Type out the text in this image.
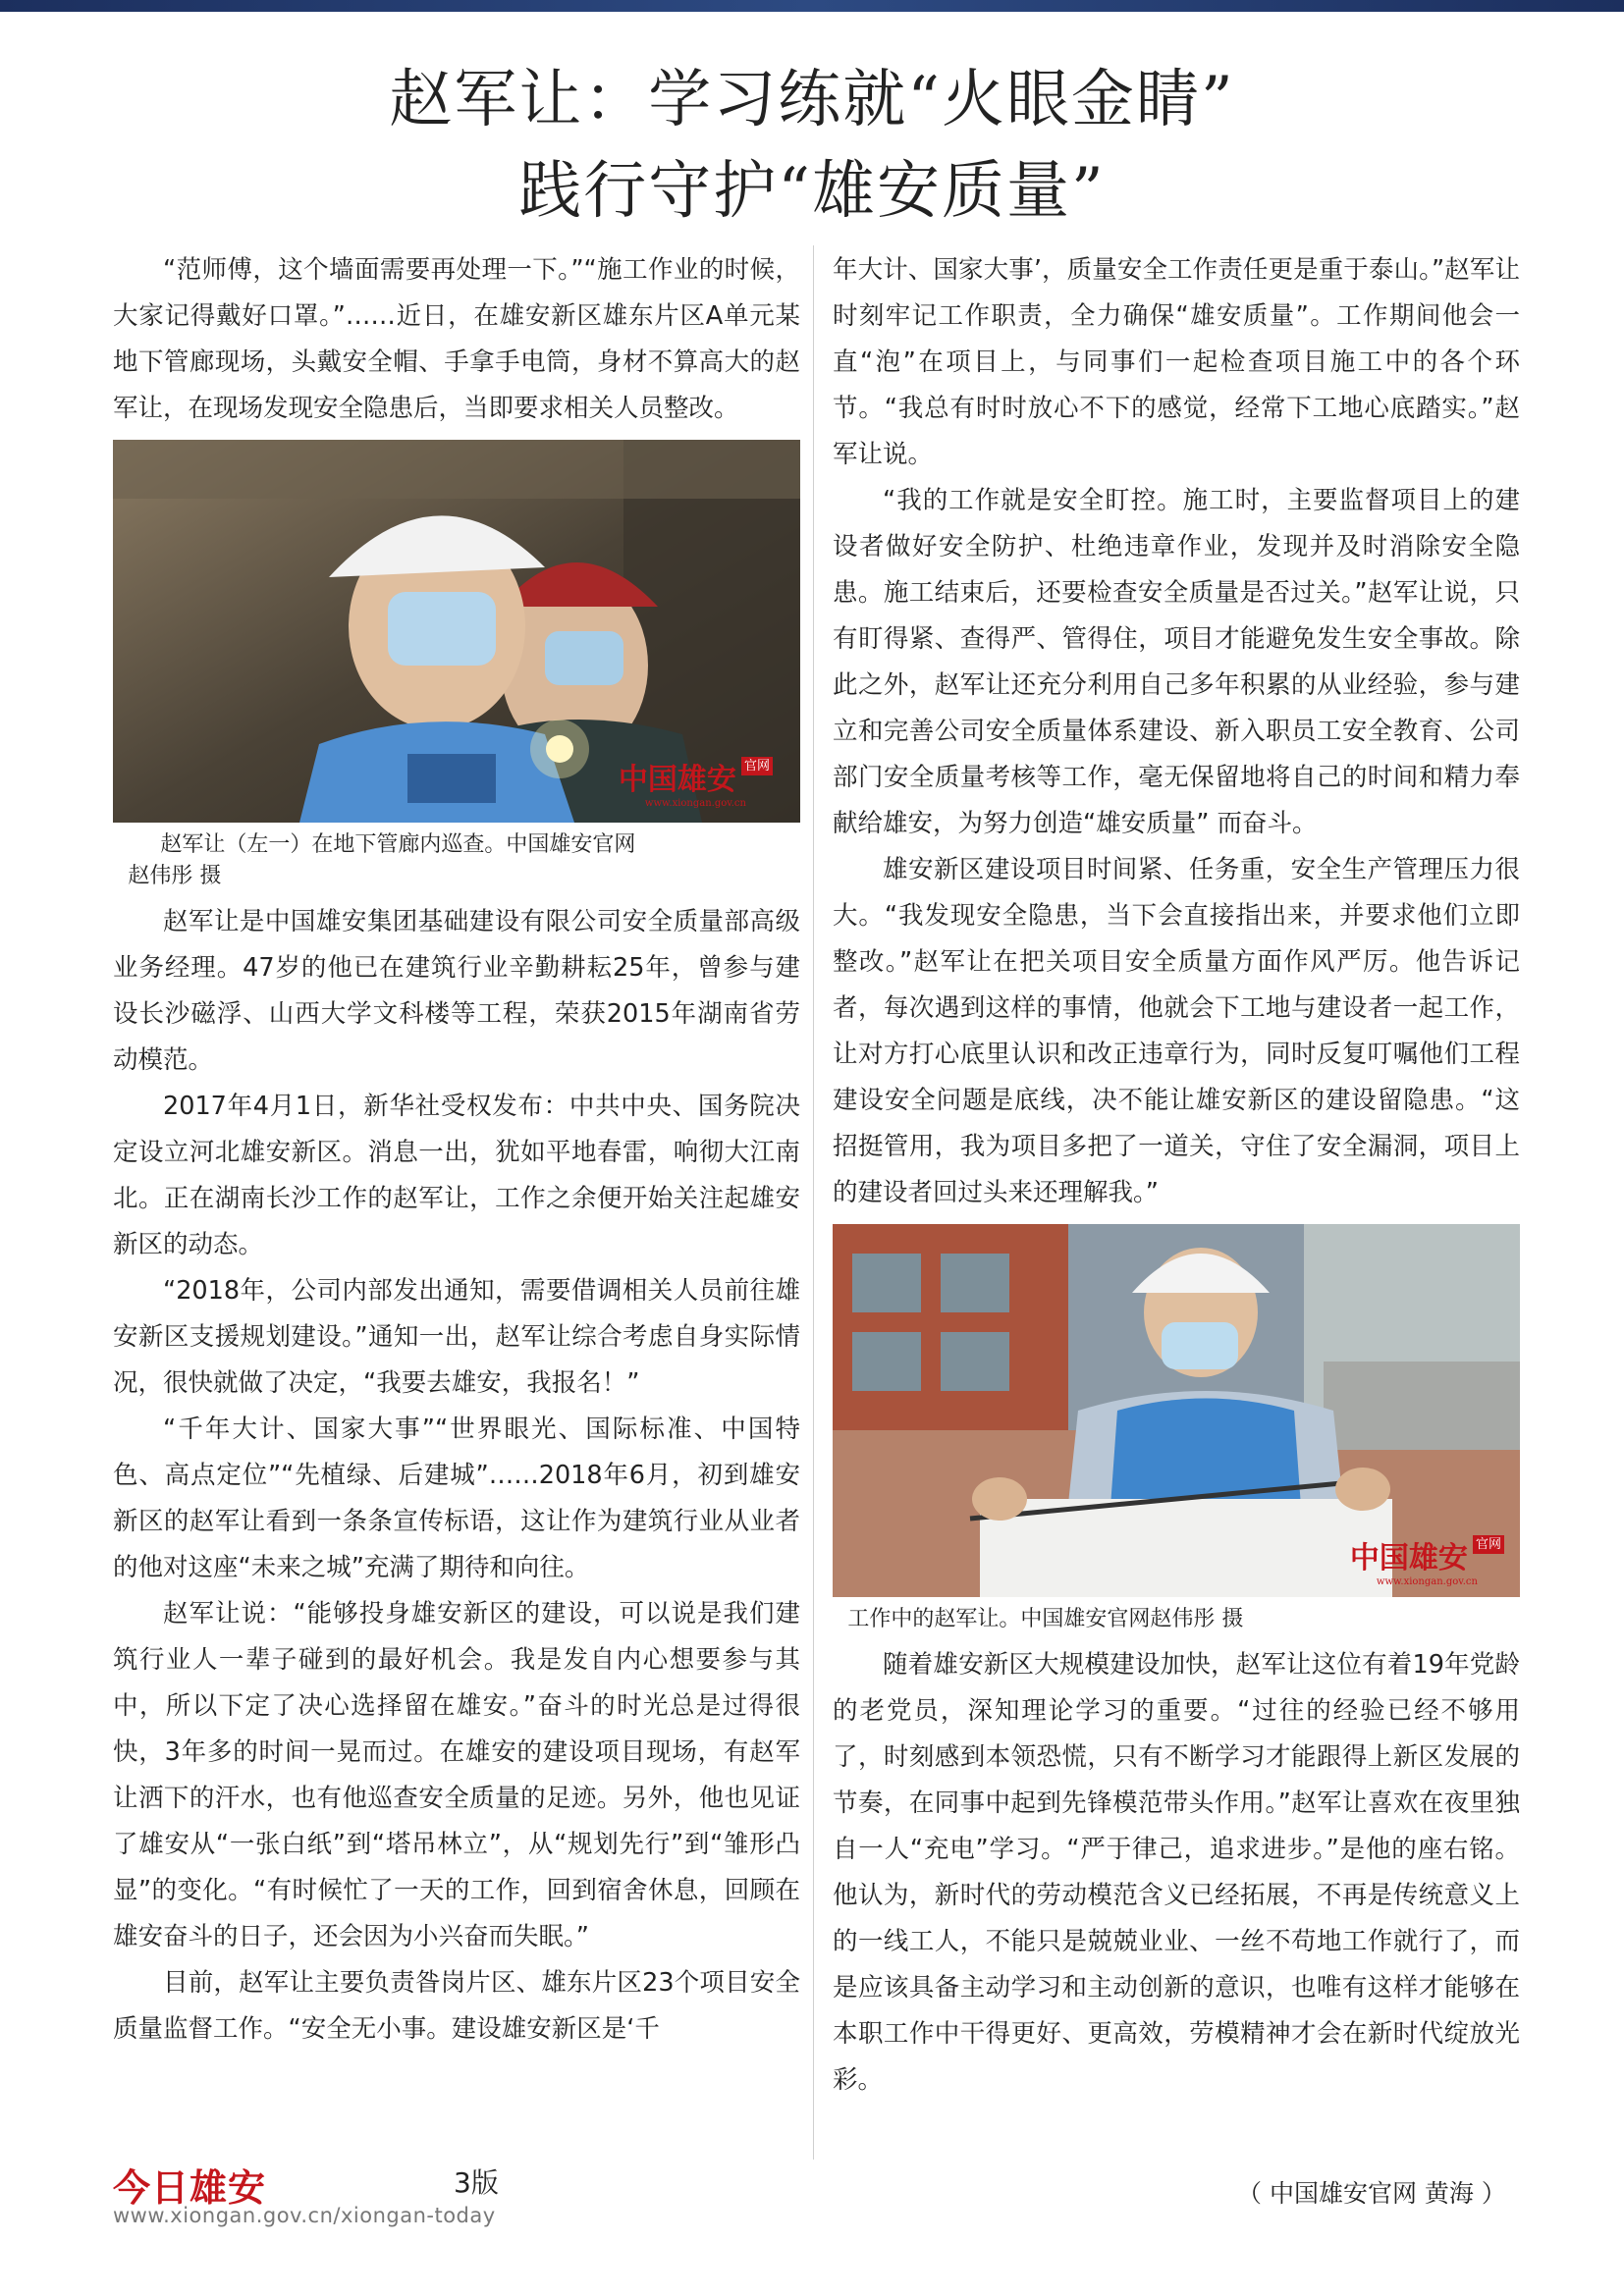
赵军让：学习练就“火眼金睛”
践行守护“雄安质量”

“范师傅，这个墙面需要再处理一下。”“施工作业的时候，大家记得戴好口罩。”……近日，在雄安新区雄东片区A单元某地下管廊现场，头戴安全帽、手拿手电筒，身材不算高大的赵军让，在现场发现安全隐患后，当即要求相关人员整改。

中国雄安 $^{官网}$
www.xiongan.gov.cn
赵军让（左一）在地下管廊内巡查。中国雄安官网
赵伟彤 摄

赵军让是中国雄安集团基础建设有限公司安全质量部高级业务经理。47岁的他已在建筑行业辛勤耕耘25年，曾参与建设长沙磁浮、山西大学文科楼等工程，荣获2015年湖南省劳动模范。

2017年4月1日，新华社受权发布：中共中央、国务院决定设立河北雄安新区。消息一出，犹如平地春雷，响彻大江南北。正在湖南长沙工作的赵军让，工作之余便开始关注起雄安新区的动态。

“2018年，公司内部发出通知，需要借调相关人员前往雄安新区支援规划建设。”通知一出，赵军让综合考虑自身实际情况，很快就做了决定，“我要去雄安，我报名！”

“千年大计、国家大事”“世界眼光、国际标准、中国特色、高点定位”“先植绿、后建城”……2018年6月，初到雄安新区的赵军让看到一条条宣传标语，这让作为建筑行业从业者的他对这座“未来之城”充满了期待和向往。

赵军让说：“能够投身雄安新区的建设，可以说是我们建筑行业人一辈子碰到的最好机会。我是发自内心想要参与其中，所以下定了决心选择留在雄安。”奋斗的时光总是过得很快，3年多的时间一晃而过。在雄安的建设项目现场，有赵军让洒下的汗水，也有他巡查安全质量的足迹。另外，他也见证了雄安从“一张白纸”到“塔吊林立”，从“规划先行”到“雏形凸显”的变化。“有时候忙了一天的工作，回到宿舍休息，回顾在雄安奋斗的日子，还会因为小兴奋而失眠。”

目前，赵军让主要负责昝岗片区、雄东片区23个项目安全质量监督工作。“安全无小事。建设雄安新区是‘千

年大计、国家大事’，质量安全工作责任更是重于泰山。”赵军让时刻牢记工作职责，全力确保“雄安质量”。工作期间他会一直“泡”在项目上，与同事们一起检查项目施工中的各个环节。“我总有时时放心不下的感觉，经常下工地心底踏实。”赵军让说。

“我的工作就是安全盯控。施工时，主要监督项目上的建设者做好安全防护、杜绝违章作业，发现并及时消除安全隐患。施工结束后，还要检查安全质量是否过关。”赵军让说，只有盯得紧、查得严、管得住，项目才能避免发生安全事故。除此之外，赵军让还充分利用自己多年积累的从业经验，参与建立和完善公司安全质量体系建设、新入职员工安全教育、公司部门安全质量考核等工作，毫无保留地将自己的时间和精力奉献给雄安，为努力创造“雄安质量” 而奋斗。

雄安新区建设项目时间紧、任务重，安全生产管理压力很大。“我发现安全隐患，当下会直接指出来，并要求他们立即整改。”赵军让在把关项目安全质量方面作风严厉。他告诉记者，每次遇到这样的事情，他就会下工地与建设者一起工作，让对方打心底里认识和改正违章行为，同时反复叮嘱他们工程建设安全问题是底线，决不能让雄安新区的建设留隐患。“这招挺管用，我为项目多把了一道关，守住了安全漏洞，项目上的建设者回过头来还理解我。”

中国雄安 $^{官网}$
www.xiongan.gov.cn
工作中的赵军让。中国雄安官网赵伟彤 摄

随着雄安新区大规模建设加快，赵军让这位有着19年党龄的老党员，深知理论学习的重要。“过往的经验已经不够用了，时刻感到本领恐慌，只有不断学习才能跟得上新区发展的节奏，在同事中起到先锋模范带头作用。”赵军让喜欢在夜里独自一人“充电”学习。“严于律己，追求进步。”是他的座右铭。他认为，新时代的劳动模范含义已经拓展，不再是传统意义上的一线工人，不能只是兢兢业业、一丝不苟地工作就行了，而是应该具备主动学习和主动创新的意识，也唯有这样才能够在本职工作中干得更好、更高效，劳模精神才会在新时代绽放光彩。

今日雄安	3版
www.xiongan.gov.cn/xiongan-today
（ 中国雄安官网 黄海 ）
